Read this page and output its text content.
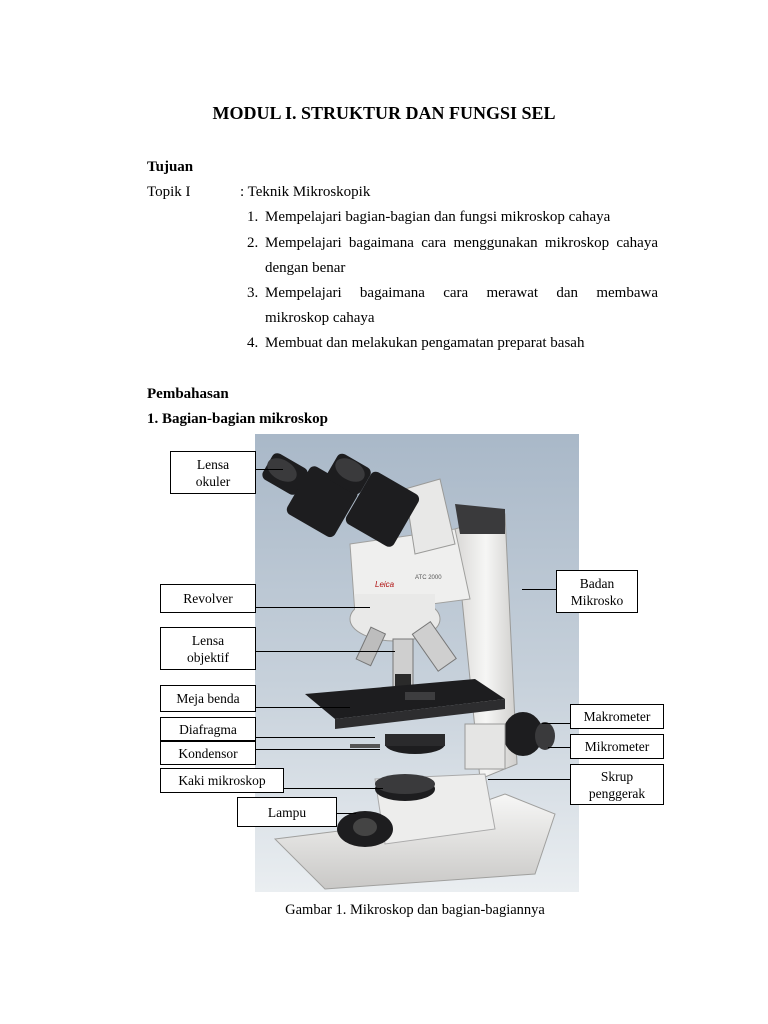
MODUL I. STRUKTUR DAN FUNGSI SEL
Tujuan
Topik I	: Teknik Mikroskopik
1. Mempelajari bagian-bagian dan fungsi mikroskop cahaya
2. Mempelajari bagaimana cara menggunakan mikroskop cahaya
dengan benar
3. Mempelajari bagaimana cara merawat dan membawa
mikroskop cahaya
4. Membuat dan melakukan pengamatan preparat basah
Pembahasan
1. Bagian-bagian mikroskop
Leica
ATC 2000
Lensa
okuler
Revolver
Lensa
objektif
Meja benda
Diafragma
Kondensor
Kaki mikroskop
Lampu
Badan
Mikrosko
Makrometer
Mikrometer
Skrup
penggerak
Gambar 1. Mikroskop dan bagian-bagiannya
